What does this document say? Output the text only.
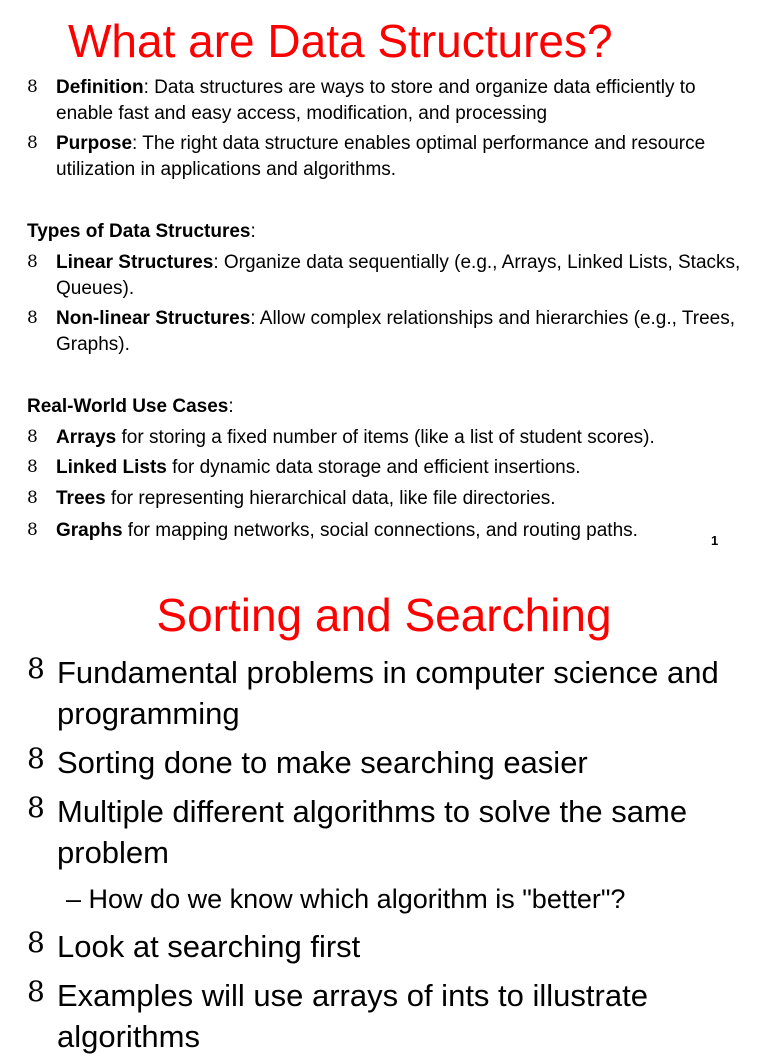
What are Data Structures?
8 Definition: Data structures are ways to store and organize data efficiently to enable fast and easy access, modification, and processing
8 Purpose: The right data structure enables optimal performance and resource utilization in applications and algorithms.
Types of Data Structures:
8 Linear Structures: Organize data sequentially (e.g., Arrays, Linked Lists, Stacks, Queues).
8 Non-linear Structures: Allow complex relationships and hierarchies (e.g., Trees, Graphs).
Real-World Use Cases:
8 Arrays for storing a fixed number of items (like a list of student scores).
8 Linked Lists for dynamic data storage and efficient insertions.
8 Trees for representing hierarchical data, like file directories.
8 Graphs for mapping networks, social connections, and routing paths.	1
Sorting and Searching
8 Fundamental problems in computer science and programming
8 Sorting done to make searching easier
8 Multiple different algorithms to solve the same problem
– How do we know which algorithm is "better"?
8 Look at searching first
8 Examples will use arrays of ints to illustrate algorithms
